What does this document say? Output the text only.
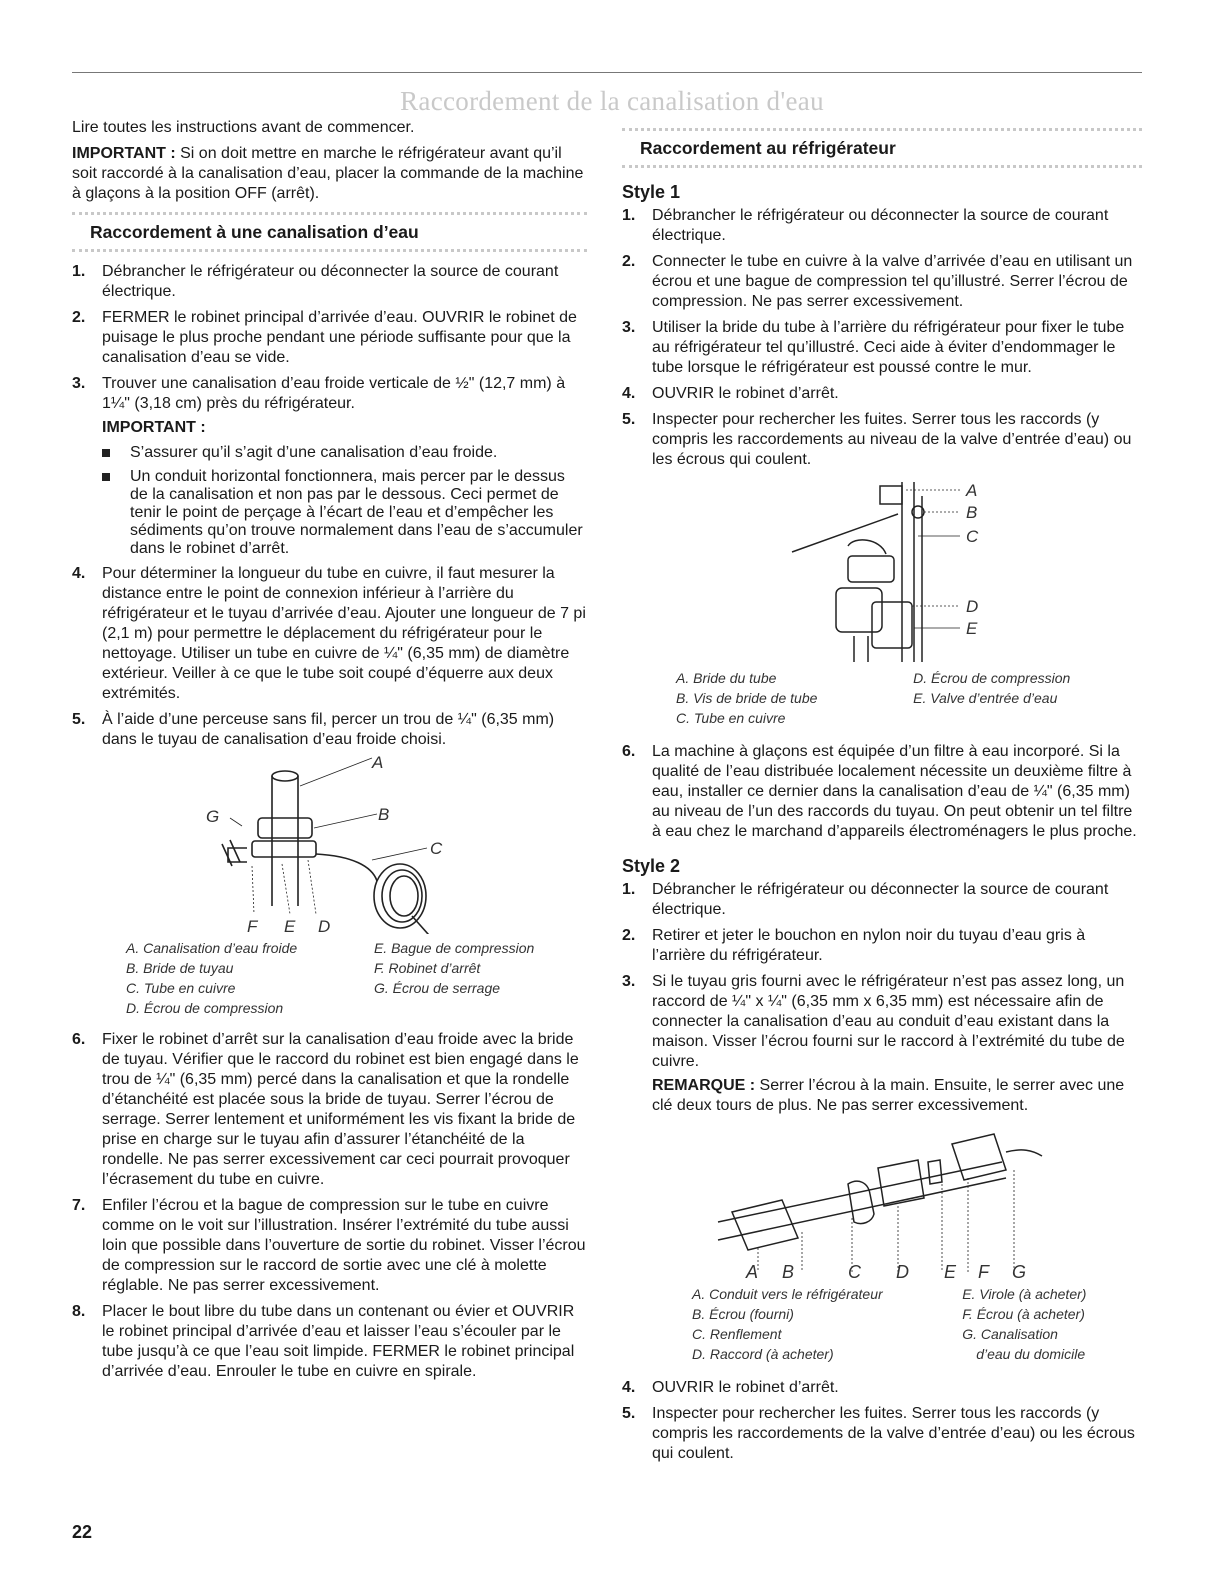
Raccordement de la canalisation d'eau

Lire toutes les instructions avant de commencer.

IMPORTANT : Si on doit mettre en marche le réfrigérateur avant qu’il soit raccordé à la canalisation d’eau, placer la commande de la machine à glaçons à la position OFF (arrêt).

Raccordement à une canalisation d’eau
1. Débrancher le réfrigérateur ou déconnecter la source de courant électrique.
2. FERMER le robinet principal d’arrivée d’eau. OUVRIR le robinet de puisage le plus proche pendant une période suffisante pour que la canalisation d’eau se vide.
3. Trouver une canalisation d’eau froide verticale de ½" (12,7 mm) à 1¼" (3,18 cm) près du réfrigérateur.
IMPORTANT :
S’assurer qu’il s’agit d’une canalisation d’eau froide.
Un conduit horizontal fonctionnera, mais percer par le dessus de la canalisation et non pas par le dessous. Ceci permet de tenir le point de perçage à l’écart de l’eau et d’empêcher les sédiments qu’on trouve normalement dans l’eau de s’accumuler dans le robinet d’arrêt.
4. Pour déterminer la longueur du tube en cuivre, il faut mesurer la distance entre le point de connexion inférieur à l’arrière du réfrigérateur et le tuyau d’arrivée d’eau. Ajouter une longueur de 7 pi (2,1 m) pour permettre le déplacement du réfrigérateur pour le nettoyage. Utiliser un tube en cuivre de ¼" (6,35 mm) de diamètre extérieur. Veiller à ce que le tube soit coupé d’équerre aux deux extrémités.
5. À l’aide d’une perceuse sans fil, percer un trou de ¼" (6,35 mm) dans le tuyau de canalisation d’eau froide choisi.
A
B
C
G
F E D
A. Canalisation d’eau froide	E. Bague de compression
B. Bride de tuyau	F. Robinet d’arrêt
C. Tube en cuivre	G. Écrou de serrage
D. Écrou de compression
6. Fixer le robinet d’arrêt sur la canalisation d’eau froide avec la bride de tuyau. Vérifier que le raccord du robinet est bien engagé dans le trou de ¼" (6,35 mm) percé dans la canalisation et que la rondelle d’étanchéité est placée sous la bride de tuyau. Serrer l’écrou de serrage. Serrer lentement et uniformément les vis fixant la bride de prise en charge sur le tuyau afin d’assurer l’étanchéité de la rondelle. Ne pas serrer excessivement car ceci pourrait provoquer l’écrasement du tube en cuivre.
7. Enfiler l’écrou et la bague de compression sur le tube en cuivre comme on le voit sur l’illustration. Insérer l’extrémité du tube aussi loin que possible dans l’ouverture de sortie du robinet. Visser l’écrou de compression sur le raccord de sortie avec une clé à molette réglable. Ne pas serrer excessivement.
8. Placer le bout libre du tube dans un contenant ou évier et OUVRIR le robinet principal d’arrivée d’eau et laisser l’eau s’écouler par le tube jusqu’à ce que l’eau soit limpide. FERMER le robinet principal d’arrivée d’eau. Enrouler le tube en cuivre en spirale.
Raccordement au réfrigérateur
Style 1
1. Débrancher le réfrigérateur ou déconnecter la source de courant électrique.
2. Connecter le tube en cuivre à la valve d’arrivée d’eau en utilisant un écrou et une bague de compression tel qu’illustré. Serrer l’écrou de compression. Ne pas serrer excessivement.
3. Utiliser la bride du tube à l’arrière du réfrigérateur pour fixer le tube au réfrigérateur tel qu’illustré. Ceci aide à éviter d’endommager le tube lorsque le réfrigérateur est poussé contre le mur.
4. OUVRIR le robinet d’arrêt.
5. Inspecter pour rechercher les fuites. Serrer tous les raccords (y compris les raccordements au niveau de la valve d’entrée d’eau) ou les écrous qui coulent.
A
B
C
D
E
A. Bride du tube	D. Écrou de compression
B. Vis de bride de tube	E. Valve d’entrée d’eau
C. Tube en cuivre
6. La machine à glaçons est équipée d’un filtre à eau incorporé. Si la qualité de l’eau distribuée localement nécessite un deuxième filtre à eau, installer ce dernier dans la canalisation d’eau de ¼" (6,35 mm) au niveau de l’un des raccords du tuyau. On peut obtenir un tel filtre à eau chez le marchand d’appareils électroménagers le plus proche.
Style 2
1. Débrancher le réfrigérateur ou déconnecter la source de courant électrique.
2. Retirer et jeter le bouchon en nylon noir du tuyau d’eau gris à l’arrière du réfrigérateur.
3. Si le tuyau gris fourni avec le réfrigérateur n’est pas assez long, un raccord de ¼" x ¼" (6,35 mm x 6,35 mm) est nécessaire afin de connecter la canalisation d’eau au conduit d’eau existant dans la maison. Visser l’écrou fourni sur le raccord à l’extrémité du tube de cuivre.

REMARQUE : Serrer l’écrou à la main. Ensuite, le serrer avec une clé deux tours de plus. Ne pas serrer excessivement.

A B	C D E F G
A. Conduit vers le réfrigérateur	E. Virole (à acheter)
B. Écrou (fourni)	F. Écrou (à acheter)
C. Renflement	G. Canalisation
D. Raccord (à acheter)	d’eau du domicile
4. OUVRIR le robinet d’arrêt.
5. Inspecter pour rechercher les fuites. Serrer tous les raccords (y compris les raccordements de la valve d’entrée d’eau) ou les écrous qui coulent.
22
